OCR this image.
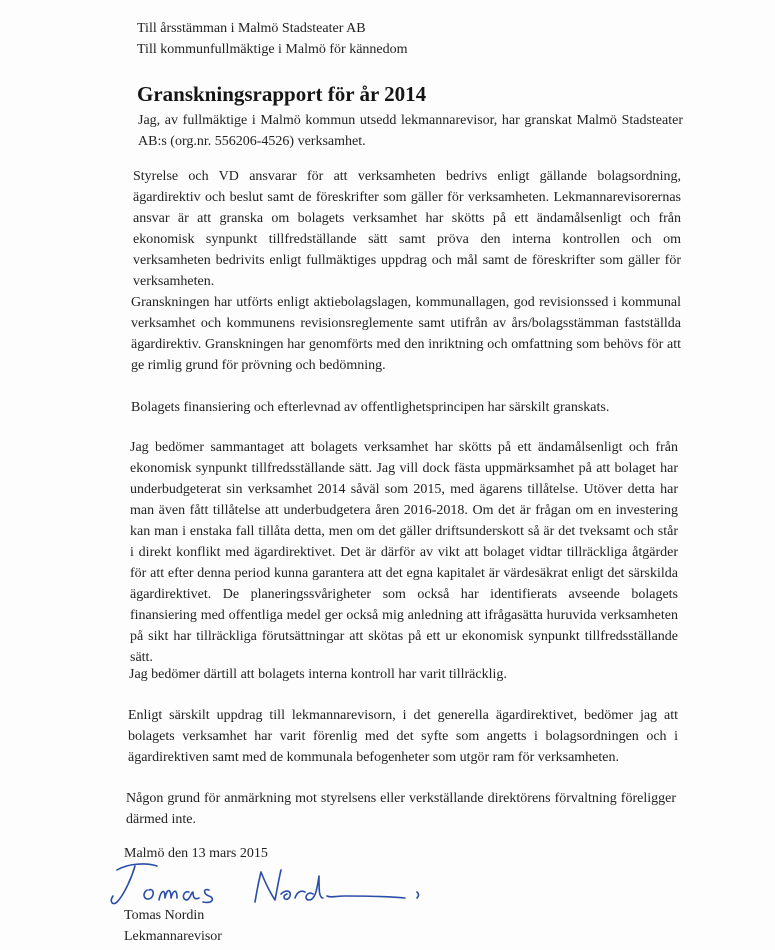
Till årsstämman i Malmö Stadsteater AB
Till kommunfullmäktige i Malmö för kännedom
Granskningsrapport för år 2014

Jag, av fullmäktige i Malmö kommun utsedd lekmannarevisor, har granskat Malmö Stadsteater AB:s (org.nr. 556206-4526) verksamhet.

Styrelse och VD ansvarar för att verksamheten bedrivs enligt gällande bolagsordning, ägardirektiv och beslut samt de föreskrifter som gäller för verksamheten. Lekmannarevisorernas ansvar är att granska om bolagets verksamhet har skötts på ett ändamålsenligt och från ekonomisk synpunkt tillfredställande sätt samt pröva den interna kontrollen och om verksamheten bedrivits enligt fullmäktiges uppdrag och mål samt de föreskrifter som gäller för verksamheten.

Granskningen har utförts enligt aktiebolagslagen, kommunallagen, god revisionssed i kommunal verksamhet och kommunens revisionsreglemente samt utifrån av års/bolagsstämman fastställda ägardirektiv. Granskningen har genomförts med den inriktning och omfattning som behövs för att ge rimlig grund för prövning och bedömning.

Bolagets finansiering och efterlevnad av offentlighetsprincipen har särskilt granskats.

Jag bedömer sammantaget att bolagets verksamhet har skötts på ett ändamålsenligt och från ekonomisk synpunkt tillfredsställande sätt. Jag vill dock fästa uppmärksamhet på att bolaget har underbudgeterat sin verksamhet 2014 såväl som 2015, med ägarens tillåtelse. Utöver detta har man även fått tillåtelse att underbudgetera åren 2016-2018. Om det är frågan om en investering kan man i enstaka fall tillåta detta, men om det gäller driftsunderskott så är det tveksamt och står i direkt konflikt med ägardirektivet. Det är därför av vikt att bolaget vidtar tillräckliga åtgärder för att efter denna period kunna garantera att det egna kapitalet är värdesäkrat enligt det särskilda ägardirektivet. De planeringssvårigheter som också har identifierats avseende bolagets finansiering med offentliga medel ger också mig anledning att ifrågasätta huruvida verksamheten på sikt har tillräckliga förutsättningar att skötas på ett ur ekonomisk synpunkt tillfredsställande sätt.

Jag bedömer därtill att bolagets interna kontroll har varit tillräcklig.

Enligt särskilt uppdrag till lekmannarevisorn, i det generella ägardirektivet, bedömer jag att bolagets verksamhet har varit förenlig med det syfte som angetts i bolagsordningen och i ägardirektiven samt med de kommunala befogenheter som utgör ram för verksamheten.

Någon grund för anmärkning mot styrelsens eller verkställande direktörens förvaltning föreligger därmed inte.

Malmö den 13 mars 2015
Tomas Nordin
Lekmannarevisor
